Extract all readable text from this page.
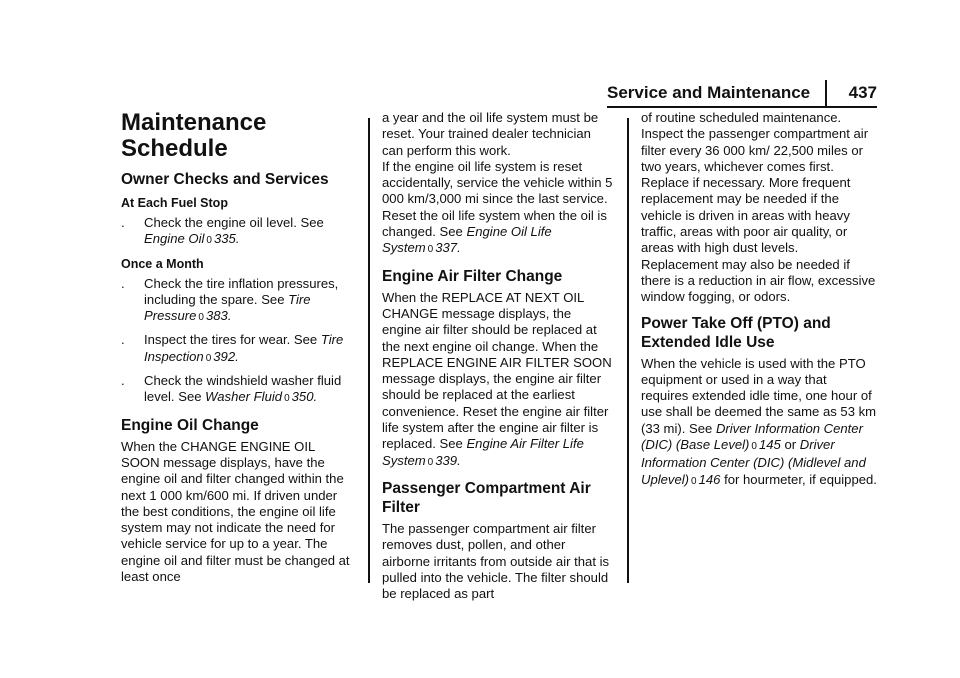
Service and Maintenance 437
Maintenance Schedule
Owner Checks and Services
At Each Fuel Stop
. Check the engine oil level. See Engine Oil 0 335.
Once a Month
. Check the tire inflation pressures, including the spare. See Tire Pressure 0 383.
. Inspect the tires for wear. See Tire Inspection 0 392.
. Check the windshield washer fluid level. See Washer Fluid 0 350.
Engine Oil Change

When the CHANGE ENGINE OIL SOON message displays, have the engine oil and filter changed within the next 1 000 km/600 mi. If driven under the best conditions, the engine oil life system may not indicate the need for vehicle service for up to a year. The engine oil and filter must be changed at least once

a year and the oil life system must be reset. Your trained dealer technician can perform this work.

If the engine oil life system is reset accidentally, service the vehicle within 5 000 km/3,000 mi since the last service. Reset the oil life system when the oil is changed. See Engine Oil Life System 0 337.

Engine Air Filter Change

When the REPLACE AT NEXT OIL CHANGE message displays, the engine air filter should be replaced at the next engine oil change. When the REPLACE ENGINE AIR FILTER SOON message displays, the engine air filter should be replaced at the earliest convenience. Reset the engine air filter life system after the engine air filter is replaced. See Engine Air Filter Life System 0 339.

Passenger Compartment Air Filter

The passenger compartment air filter removes dust, pollen, and other airborne irritants from outside air that is pulled into the vehicle. The filter should be replaced as part

of routine scheduled maintenance. Inspect the passenger compartment air filter every 36 000 km/ 22,500 miles or two years, whichever comes first. Replace if necessary. More frequent replacement may be needed if the vehicle is driven in areas with heavy traffic, areas with poor air quality, or areas with high dust levels. Replacement may also be needed if there is a reduction in air flow, excessive window fogging, or odors.

Power Take Off (PTO) and Extended Idle Use

When the vehicle is used with the PTO equipment or used in a way that requires extended idle time, one hour of use shall be deemed the same as 53 km (33 mi). See Driver Information Center (DIC) (Base Level) 0 145 or Driver Information Center (DIC) (Midlevel and Uplevel) 0 146 for hourmeter, if equipped.
